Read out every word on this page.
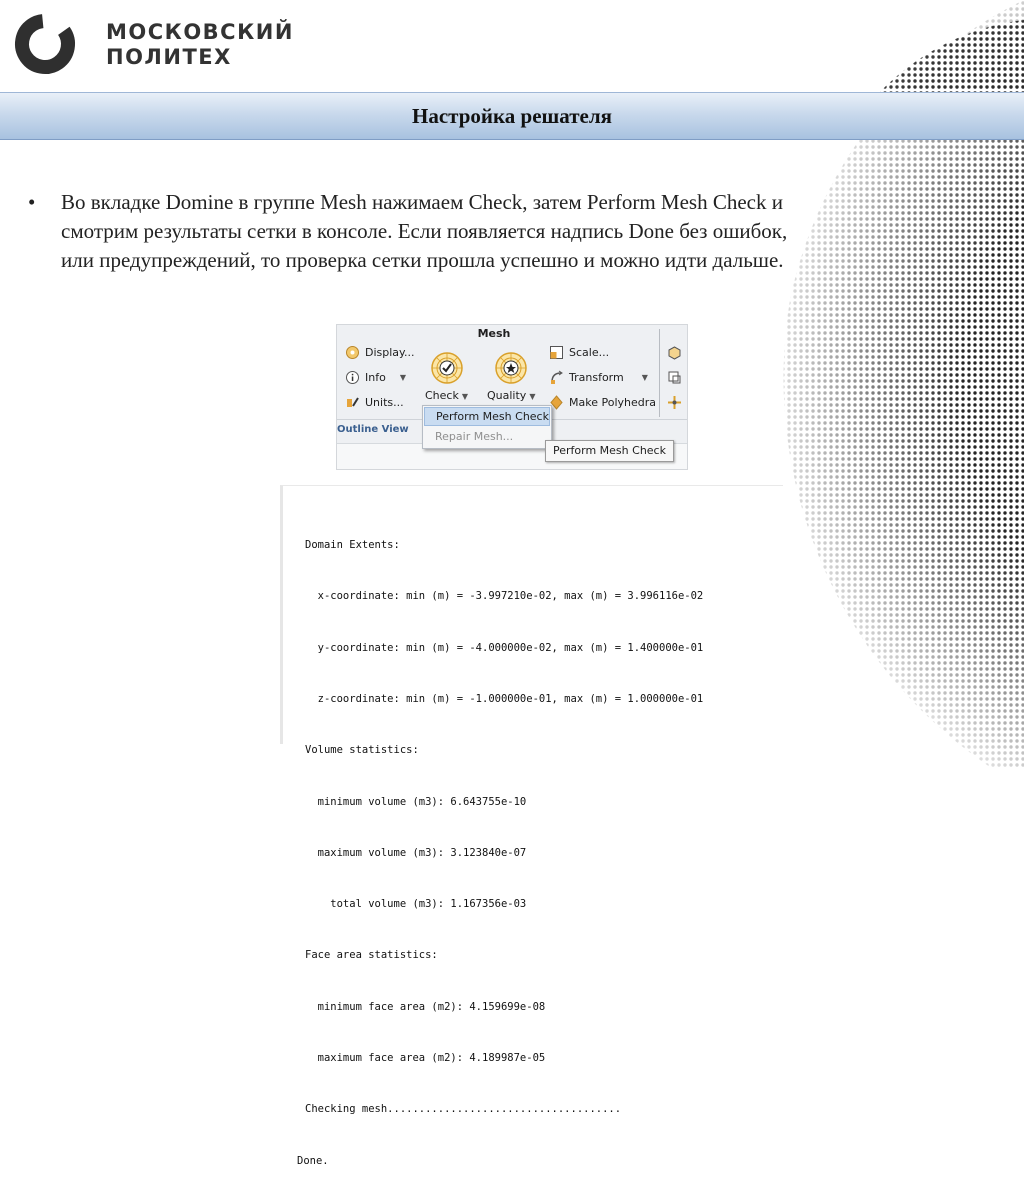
МОСКОВСКИЙ
ПОЛИТЕХ
Настройка решателя
• Во вкладке Domine в группе Mesh нажимаем Check, затем Perform Mesh Check и смотрим результаты сетки в консоле. Если появляется надпись Done без ошибок, или предупреждений, то проверка сетки прошла успешно и можно идти дальше.
Mesh
Display...
Info ▼
Units...
Check ▼ Quality ▼
Scale...
Transform ▼
Make Polyhedra
Outline View
Perform Mesh Check
Repair Mesh...
Perform Mesh Check

Domain Extents:

x-coordinate: min (m) = -3.997210e-02, max (m) = 3.996116e-02

y-coordinate: min (m) = -4.000000e-02, max (m) = 1.400000e-01

z-coordinate: min (m) = -1.000000e-01, max (m) = 1.000000e-01

Volume statistics:

minimum volume (m3): 6.643755e-10

maximum volume (m3): 3.123840e-07

total volume (m3): 1.167356e-03

Face area statistics:

minimum face area (m2): 4.159699e-08

maximum face area (m2): 4.189987e-05

Checking mesh.....................................

Done.
